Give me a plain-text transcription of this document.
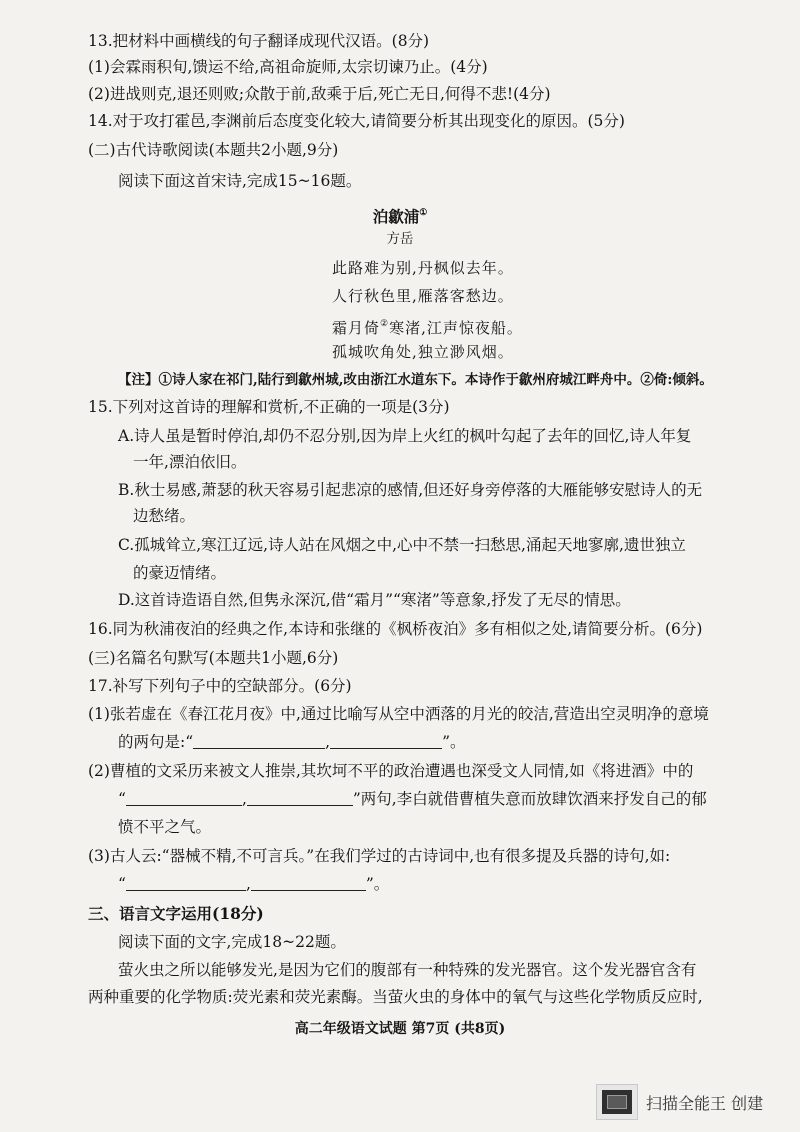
13.把材料中画横线的句子翻译成现代汉语。(8分)
(1)会霖雨积旬,馈运不给,高祖命旋师,太宗切谏乃止。(4分)
(2)进战则克,退还则败;众散于前,敌乘于后,死亡无日,何得不悲!(4分)
14.对于攻打霍邑,李渊前后态度变化较大,请简要分析其出现变化的原因。(5分)
(二)古代诗歌阅读(本题共2小题,9分)
阅读下面这首宋诗,完成15~16题。
泊歙浦①
方岳
此路难为别,丹枫似去年。
人行秋色里,雁落客愁边。
霜月倚②寒渚,江声惊夜船。
孤城吹角处,独立渺风烟。
【注】①诗人家在祁门,陆行到歙州城,改由浙江水道东下。本诗作于歙州府城江畔舟中。②倚:倾斜。
15.下列对这首诗的理解和赏析,不正确的一项是(3分)
A.诗人虽是暂时停泊,却仍不忍分别,因为岸上火红的枫叶勾起了去年的回忆,诗人年复
一年,漂泊依旧。
B.秋士易感,萧瑟的秋天容易引起悲凉的感情,但还好身旁停落的大雁能够安慰诗人的无
边愁绪。
C.孤城耸立,寒江辽远,诗人站在风烟之中,心中不禁一扫愁思,涌起天地寥廓,遗世独立
的豪迈情绪。
D.这首诗造语自然,但隽永深沉,借“霜月”“寒渚”等意象,抒发了无尽的情思。
16.同为秋浦夜泊的经典之作,本诗和张继的《枫桥夜泊》多有相似之处,请简要分析。(6分)
(三)名篇名句默写(本题共1小题,6分)
17.补写下列句子中的空缺部分。(6分)
(1)张若虚在《春江花月夜》中,通过比喻写从空中洒落的月光的皎洁,营造出空灵明净的意境
的两句是:“	,	”。
(2)曹植的文采历来被文人推崇,其坎坷不平的政治遭遇也深受文人同情,如《将进酒》中的
“	,	”两句,李白就借曹植失意而放肆饮酒来抒发自己的郁
愤不平之气。
(3)古人云:“器械不精,不可言兵。”在我们学过的古诗词中,也有很多提及兵器的诗句,如:
“	,	”。
三、语言文字运用(18分)
阅读下面的文字,完成18~22题。
萤火虫之所以能够发光,是因为它们的腹部有一种特殊的发光器官。这个发光器官含有
两种重要的化学物质:荧光素和荧光素酶。当萤火虫的身体中的氧气与这些化学物质反应时,
高二年级语文试题 第7页 (共8页)
扫描全能王 创建
